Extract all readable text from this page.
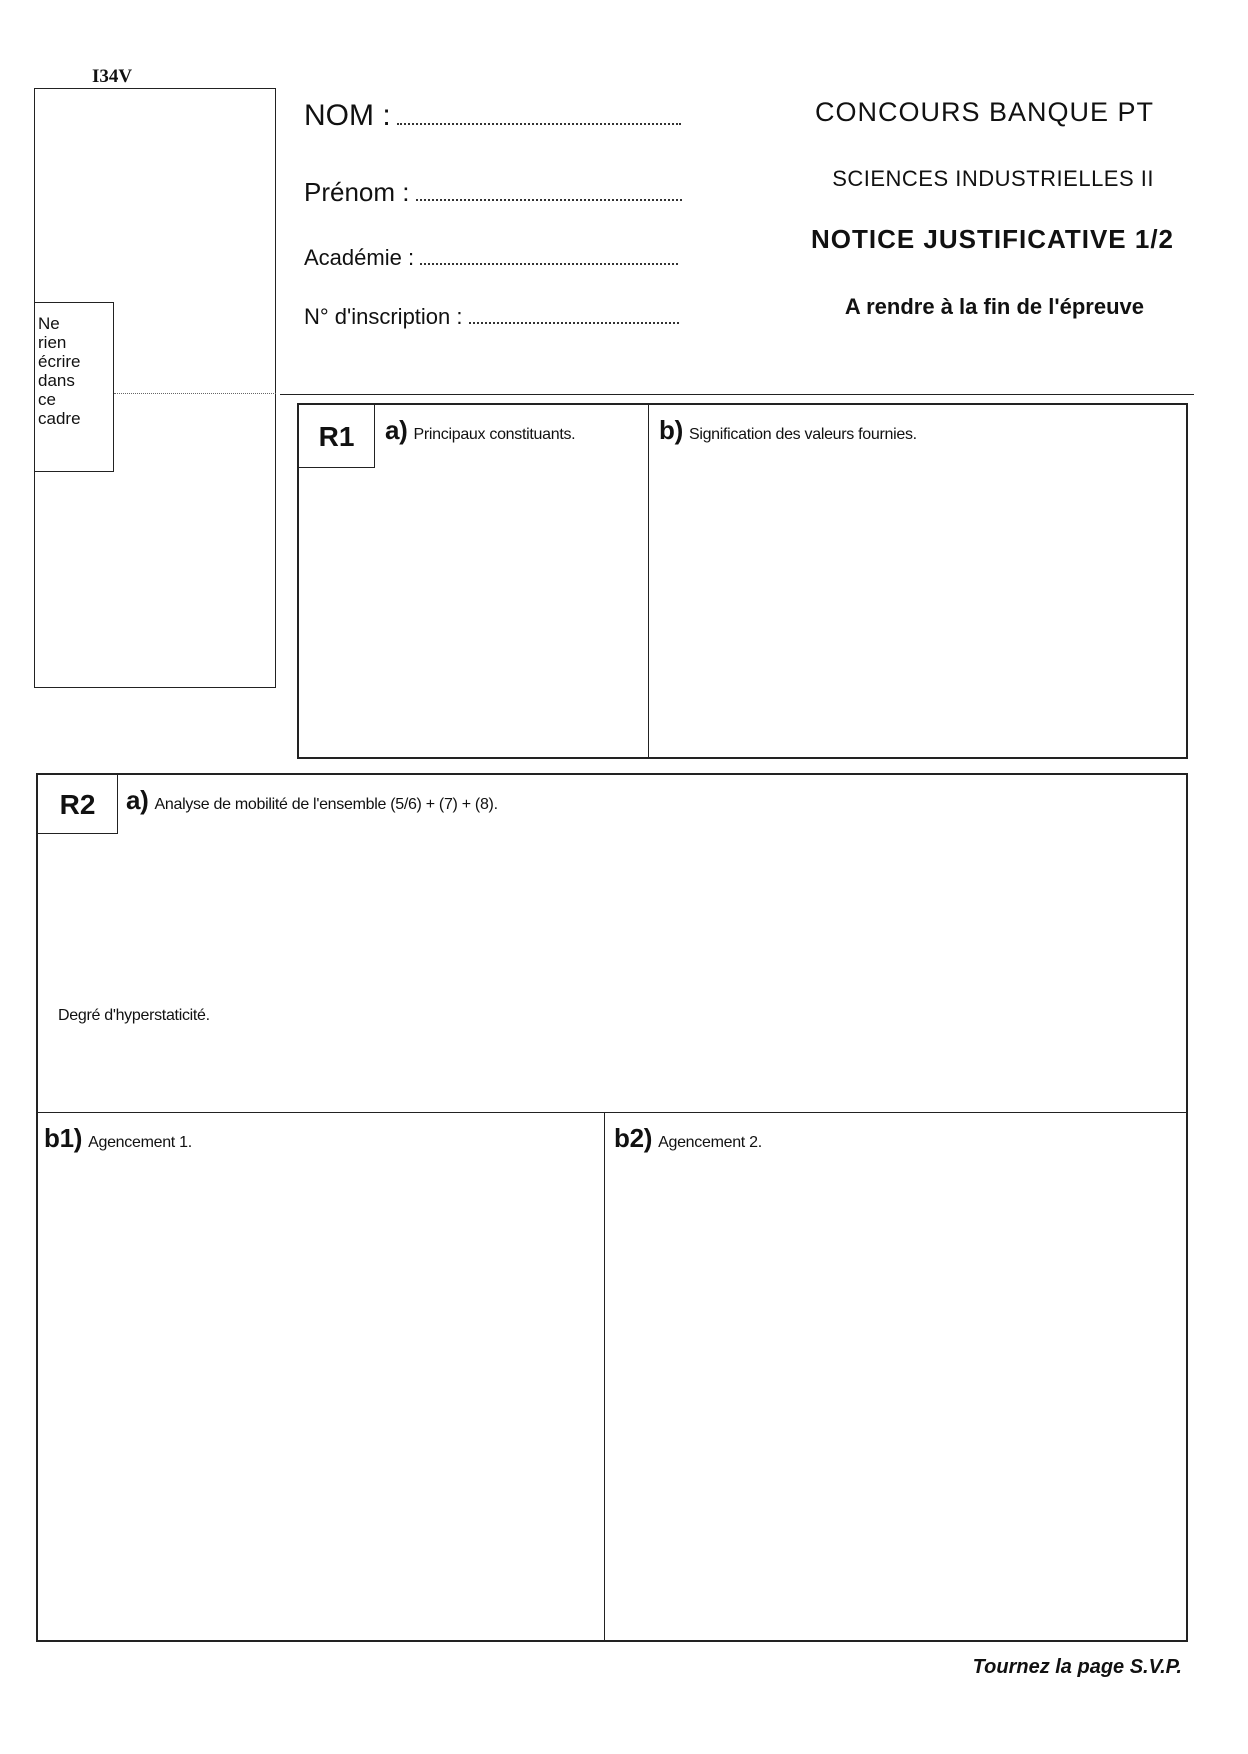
I34V
Ne
rien
écrire
dans
ce
cadre
NOM :
Prénom :
Académie :
N° d'inscription :
CONCOURS BANQUE PT
SCIENCES INDUSTRIELLES II
NOTICE JUSTIFICATIVE 1/2
A rendre à la fin de l'épreuve
R1	a) Principaux constituants.	b) Signification des valeurs fournies.
R2	a) Analyse de mobilité de l'ensemble (5/6) + (7) + (8).
Degré d'hyperstaticité.
b1) Agencement 1.	b2) Agencement 2.
Tournez la page S.V.P.
